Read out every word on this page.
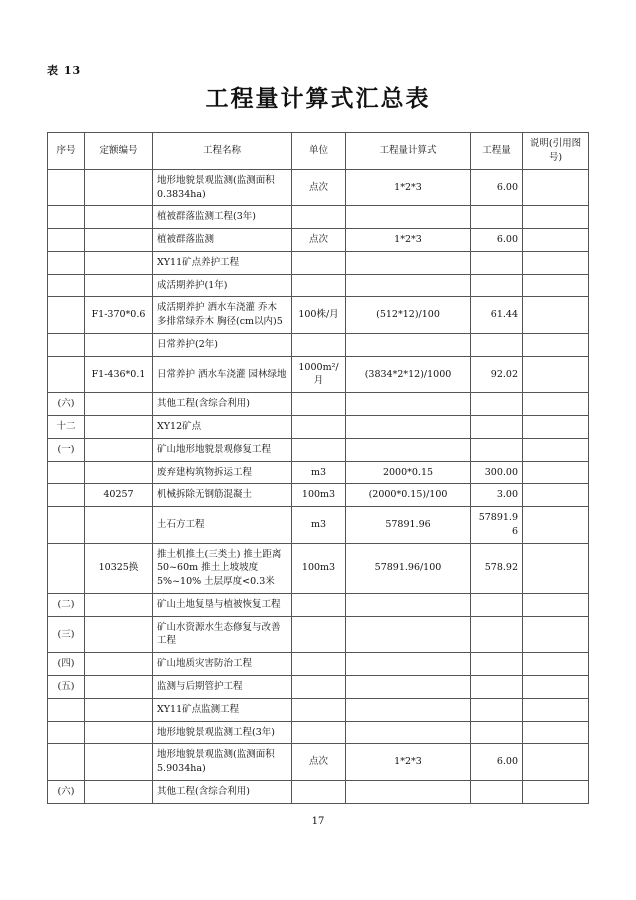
表 13
工程量计算式汇总表
序号	定额编号	工程名称	单位	工程量计算式	工程量	说明(引用图号)
		地形地貌景观监测(监测面积0.3834ha)	点次	1*2*3	6.00	
		植被群落监测工程(3年)				
		植被群落监测	点次	1*2*3	6.00	
		XY11矿点养护工程				
		成活期养护(1年)				
	F1-370*0.6	成活期养护 洒水车浇灌 乔木 多排常绿乔木 胸径(cm以内)5	100株/月	(512*12)/100	61.44	
		日常养护(2年)				
	F1-436*0.1	日常养护 洒水车浇灌 园林绿地	1000m²/月	(3834*2*12)/1000	92.02	
(六)		其他工程(含综合利用)				
十二		XY12矿点				
(一)		矿山地形地貌景观修复工程				
		废弃建构筑物拆运工程	m3	2000*0.15	300.00	
	40257	机械拆除无钢筋混凝土	100m3	(2000*0.15)/100	3.00	
		土石方工程	m3	57891.96	57891.96	
	10325换	推土机推土(三类土) 推土距离50~60m 推土上坡坡度5%~10% 土层厚度<0.3米	100m3	57891.96/100	578.92	
(二)		矿山土地复垦与植被恢复工程				
(三)		矿山水资源水生态修复与改善工程				
(四)		矿山地质灾害防治工程				
(五)		监测与后期管护工程				
		XY11矿点监测工程				
		地形地貌景观监测工程(3年)				
		地形地貌景观监测(监测面积5.9034ha)	点次	1*2*3	6.00	
(六)		其他工程(含综合利用)				
17
